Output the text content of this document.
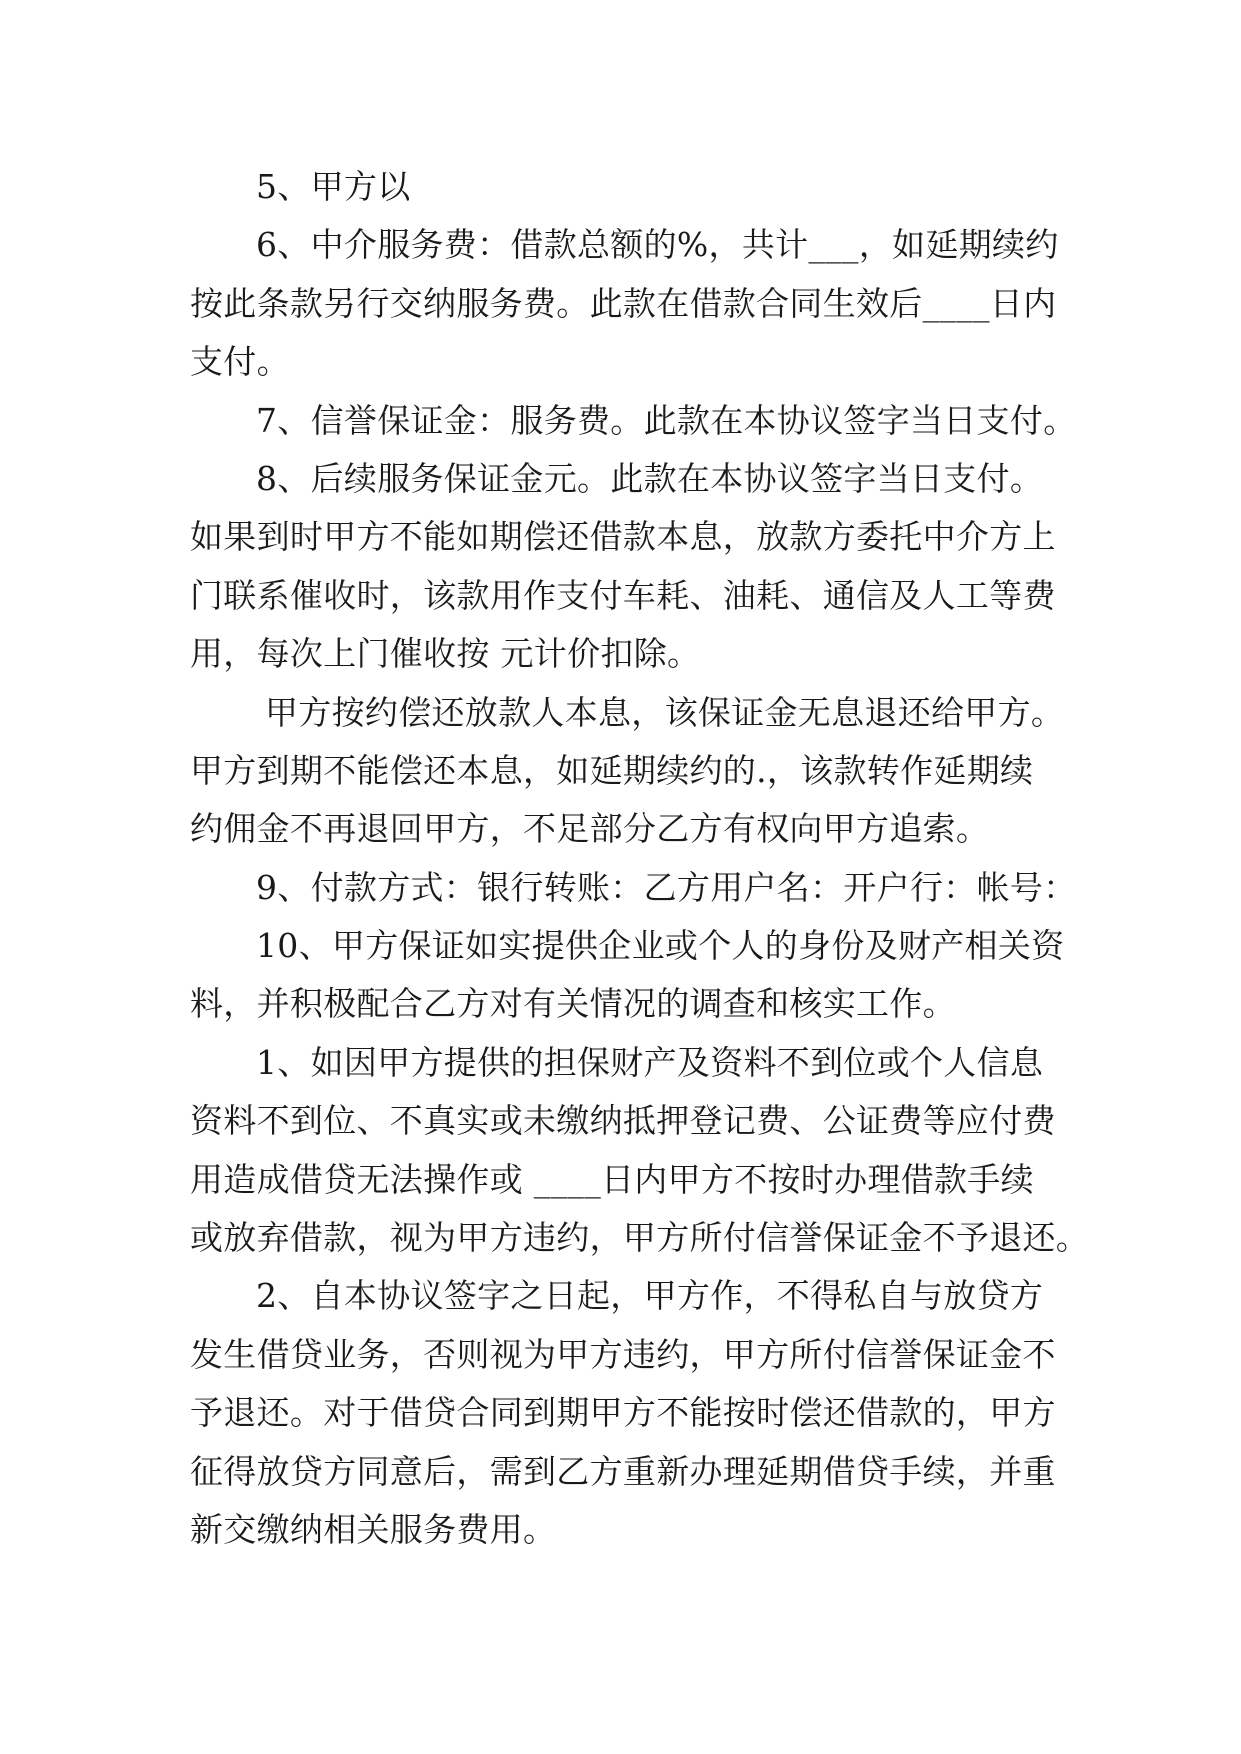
5、甲方以
6、中介服务费：借款总额的%，共计___，如延期续约
按此条款另行交纳服务费。此款在借款合同生效后____日内
支付。
7、信誉保证金：服务费。此款在本协议签字当日支付。
8、后续服务保证金元。此款在本协议签字当日支付。
如果到时甲方不能如期偿还借款本息，放款方委托中介方上
门联系催收时，该款用作支付车耗、油耗、通信及人工等费
用，每次上门催收按 元计价扣除。
甲方按约偿还放款人本息，该保证金无息退还给甲方。
甲方到期不能偿还本息，如延期续约的.，该款转作延期续
约佣金不再退回甲方，不足部分乙方有权向甲方追索。
9、付款方式：银行转账：乙方用户名：开户行：帐号：
10、甲方保证如实提供企业或个人的身份及财产相关资
料，并积极配合乙方对有关情况的调查和核实工作。
1、如因甲方提供的担保财产及资料不到位或个人信息
资料不到位、不真实或未缴纳抵押登记费、公证费等应付费
用造成借贷无法操作或 ____日内甲方不按时办理借款手续
或放弃借款，视为甲方违约，甲方所付信誉保证金不予退还。
2、自本协议签字之日起，甲方作，不得私自与放贷方
发生借贷业务，否则视为甲方违约，甲方所付信誉保证金不
予退还。对于借贷合同到期甲方不能按时偿还借款的，甲方
征得放贷方同意后，需到乙方重新办理延期借贷手续，并重
新交缴纳相关服务费用。
